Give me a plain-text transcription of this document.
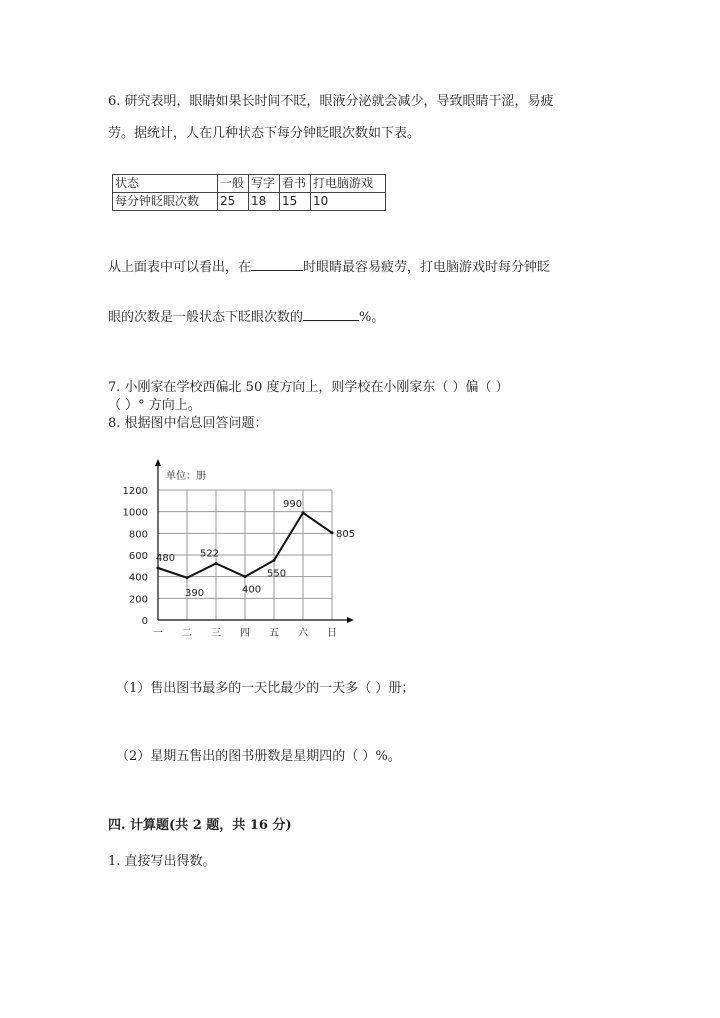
6. 研究表明，眼睛如果长时间不眨，眼液分泌就会减少，导致眼睛干涩，易疲
劳。据统计，人在几种状态下每分钟眨眼次数如下表。
状态	一般	写字	看书	打电脑游戏
每分钟眨眼次数	25	18	15	10
从上面表中可以看出，在	时眼睛最容易疲劳，打电脑游戏时每分钟眨
眼的次数是一般状态下眨眼次数的	%。
7. 小刚家在学校西偏北 50 度方向上，则学校在小刚家东（ ）偏（ ）
（ ）° 方向上。
8. 根据图中信息回答问题：
单位：册
0
200
400
600
800
1000
1200
一 二 三 四 五 六 日
480
390
522
400
550
990
805
（1）售出图书最多的一天比最少的一天多（ ）册；
（2）星期五售出的图书册数是星期四的（ ）%。
四. 计算题(共 2 题，共 16 分)
1. 直接写出得数。
